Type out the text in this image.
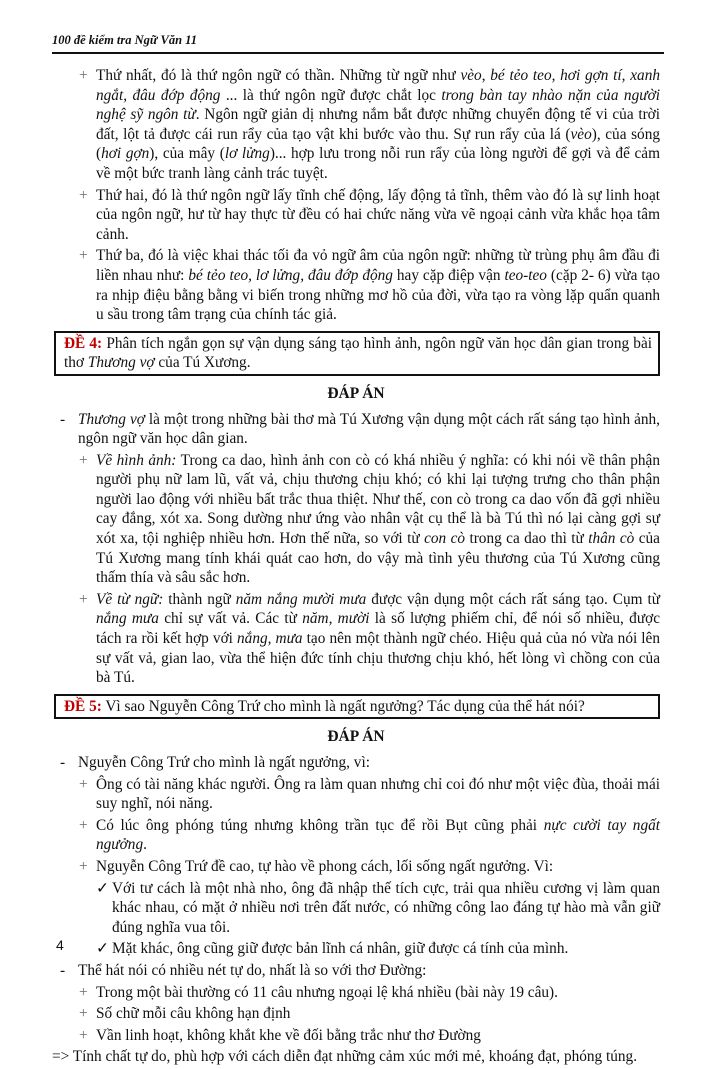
100 đề kiểm tra Ngữ Văn 11
+ Thứ nhất, đó là thứ ngôn ngữ có thần. Những từ ngữ như vèo, bé tẻo teo, hơi gợn tí, xanh ngắt, đâu đớp động ... là thứ ngôn ngữ được chắt lọc trong bàn tay nhào nặn của người nghệ sỹ ngôn từ. Ngôn ngữ giản dị nhưng nắm bắt được những chuyển động tế vi của trời đất, lột tả được cái run rẩy của tạo vật khi bước vào thu. Sự run rẩy của lá (vèo), của sóng (hơi gợn), của mây (lơ lửng)... hợp lưu trong nỗi run rẩy của lòng người để gợi và để cảm về một bức tranh làng cảnh trác tuyệt.
+ Thứ hai, đó là thứ ngôn ngữ lấy tĩnh chế động, lấy động tả tĩnh, thêm vào đó là sự linh hoạt của ngôn ngữ, hư từ hay thực từ đều có hai chức năng vừa vẽ ngoại cảnh vừa khắc họa tâm cảnh.
+ Thứ ba, đó là việc khai thác tối đa vỏ ngữ âm của ngôn ngữ: những từ trùng phụ âm đầu đi liền nhau như: bé tẻo teo, lơ lửng, đâu đớp động hay cặp điệp vận teo-teo (cặp 2- 6) vừa tạo ra nhịp điệu bằng bằng vi biến trong những mơ hồ của đời, vừa tạo ra vòng lặp quẩn quanh u sầu trong tâm trạng của chính tác giả.
ĐỀ 4: Phân tích ngắn gọn sự vận dụng sáng tạo hình ảnh, ngôn ngữ văn học dân gian trong bài thơ Thương vợ của Tú Xương.
ĐÁP ÁN
- Thương vợ là một trong những bài thơ mà Tú Xương vận dụng một cách rất sáng tạo hình ảnh, ngôn ngữ văn học dân gian.
+ Về hình ảnh: Trong ca dao, hình ảnh con cò có khá nhiều ý nghĩa: có khi nói về thân phận người phụ nữ lam lũ, vất vả, chịu thương chịu khó; có khi lại tượng trưng cho thân phận người lao động với nhiều bất trắc thua thiệt. Như thế, con cò trong ca dao vốn đã gợi nhiều cay đắng, xót xa. Song dường như ứng vào nhân vật cụ thể là bà Tú thì nó lại càng gợi sự xót xa, tội nghiệp nhiều hơn. Hơn thế nữa, so với từ con cò trong ca dao thì từ thân cò của Tú Xương mang tính khái quát cao hơn, do vậy mà tình yêu thương của Tú Xương cũng thấm thía và sâu sắc hơn.
+ Về từ ngữ: thành ngữ năm nắng mười mưa được vận dụng một cách rất sáng tạo. Cụm từ nắng mưa chỉ sự vất vả. Các từ năm, mười là số lượng phiếm chỉ, để nói số nhiều, được tách ra rồi kết hợp với nắng, mưa tạo nên một thành ngữ chéo. Hiệu quả của nó vừa nói lên sự vất vả, gian lao, vừa thể hiện đức tính chịu thương chịu khó, hết lòng vì chồng con của bà Tú.
ĐỀ 5: Vì sao Nguyễn Công Trứ cho mình là ngất ngưởng? Tác dụng của thể hát nói?
ĐÁP ÁN
- Nguyễn Công Trứ cho mình là ngất ngưởng, vì:
+ Ông có tài năng khác người. Ông ra làm quan nhưng chỉ coi đó như một việc đùa, thoải mái suy nghĩ, nói năng.
+ Có lúc ông phóng túng nhưng không trần tục để rồi Bụt cũng phải nực cười tay ngất ngưởng.
+ Nguyễn Công Trứ đề cao, tự hào về phong cách, lối sống ngất ngưởng. Vì:
✓ Với tư cách là một nhà nho, ông đã nhập thế tích cực, trải qua nhiều cương vị làm quan khác nhau, có mặt ở nhiều nơi trên đất nước, có những công lao đáng tự hào mà vẫn giữ đúng nghĩa vua tôi.
✓ Mặt khác, ông cũng giữ được bản lĩnh cá nhân, giữ được cá tính của mình.
- Thể hát nói có nhiều nét tự do, nhất là so với thơ Đường:
+ Trong một bài thường có 11 câu nhưng ngoại lệ khá nhiều (bài này 19 câu).
+ Số chữ mỗi câu không hạn định
+ Vần linh hoạt, không khắt khe về đối bằng trắc như thơ Đường
=> Tính chất tự do, phù hợp với cách diễn đạt những cảm xúc mới mẻ, khoáng đạt, phóng túng.
4
